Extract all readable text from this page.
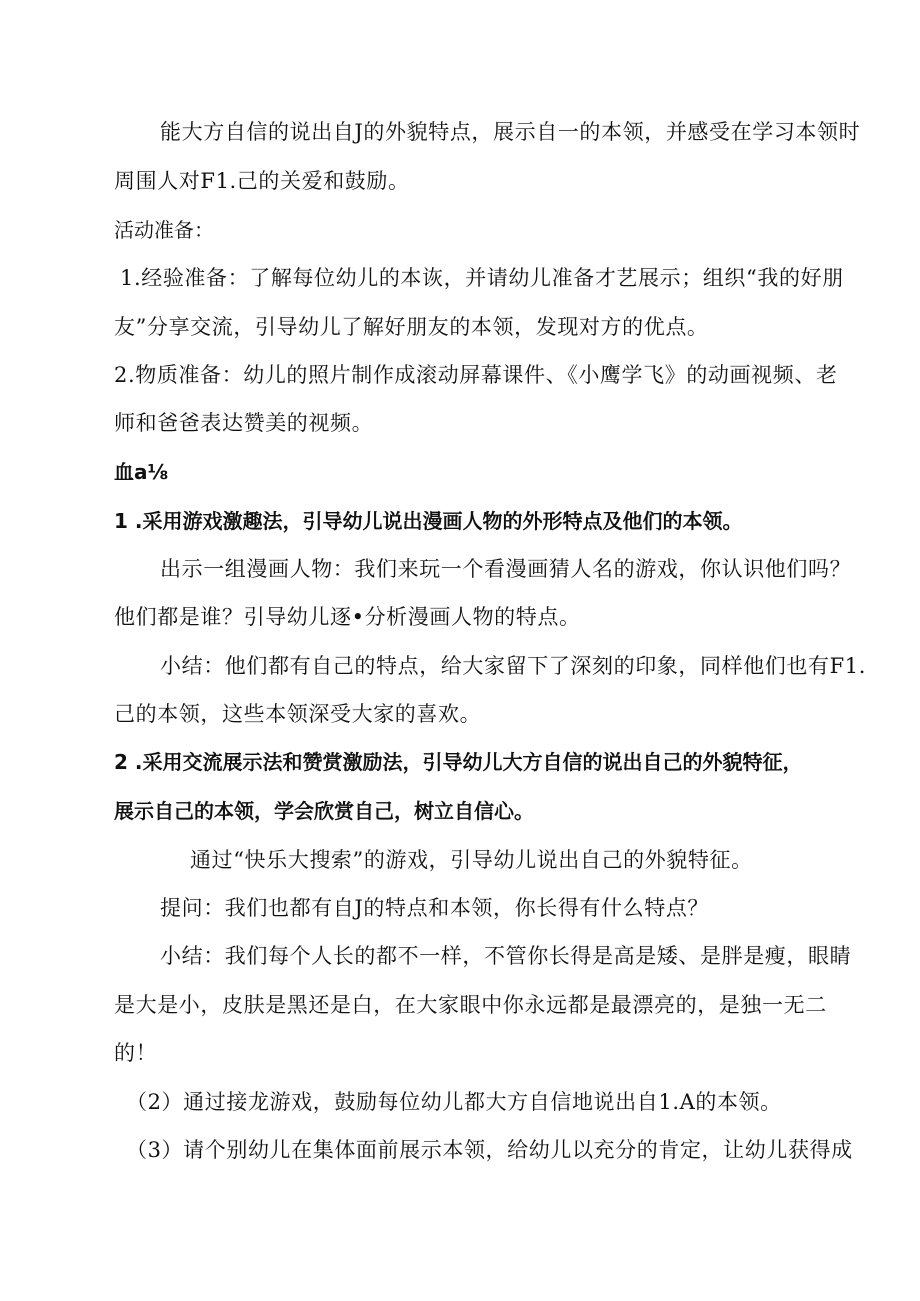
能大方自信的说出自J的外貌特点，展示自一的本领，并感受在学习本领时
周围人对F1.己的关爱和鼓励。
活动准备：
1.经验准备：了解每位幼儿的本诙，并请幼儿准备才艺展示；组织“我的好朋
友”分享交流，引导幼儿了解好朋友的本领，发现对方的优点。
2.物质准备：幼儿的照片制作成滚动屏幕课件、《小鹰学飞》的动画视频、老
师和爸爸表达赞美的视频。
血a⅛
1 .采用游戏激趣法，引导幼儿说出漫画人物的外形特点及他们的本领。
出示一组漫画人物：我们来玩一个看漫画猜人名的游戏，你认识他们吗？
他们都是谁？引导幼儿逐•分析漫画人物的特点。
小结：他们都有自己的特点，给大家留下了深刻的印象，同样他们也有F1.
己的本领，这些本领深受大家的喜欢。
2 .采用交流展示法和赞赏激励法，引导幼儿大方自信的说出自己的外貌特征，
展示自己的本领，学会欣赏自己，树立自信心。
通过“快乐大搜索”的游戏，引导幼儿说出自己的外貌特征。
提问：我们也都有自J的特点和本领，你长得有什么特点？
小结：我们每个人长的都不一样，不管你长得是高是矮、是胖是瘦，眼睛
是大是小，皮肤是黑还是白，在大家眼中你永远都是最漂亮的，是独一无二
的！
（2）通过接龙游戏，鼓励每位幼儿都大方自信地说出自1.A的本领。
（3）请个别幼儿在集体面前展示本领，给幼儿以充分的肯定，让幼儿获得成
